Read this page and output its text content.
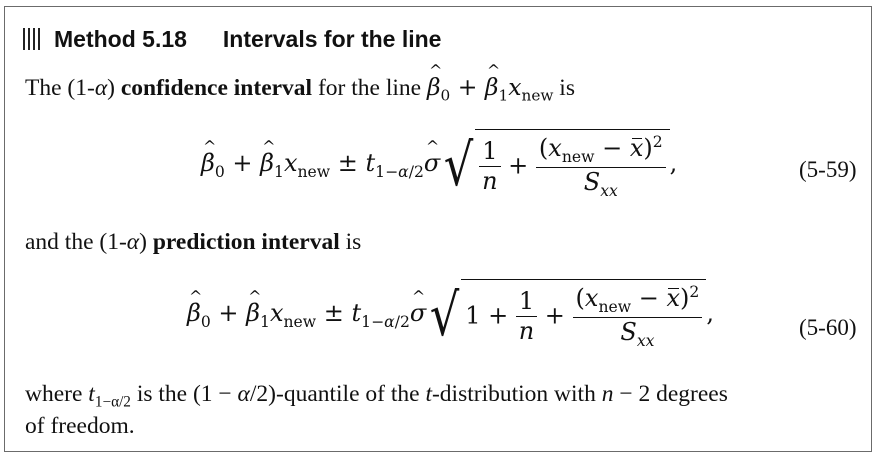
Method 5.18 Intervals for the line
The (1-α) confidence interval for the line ^ $\beta_0$ + ^ $\beta_1x_{new}$ is
^ $\beta_0$ + ^ $\beta_1x_{new}$ ± $t_{1-\alpha/2}\^{}$ $\sigma√ \frac{1}{n} + \frac{(x_{new} - x)^2}{S_{xx}}$ ,	(5-59)
and the (1-α) prediction interval is
^ $\beta_0$ + ^ $\beta_1x_{new}$ ± $t_{1-\alpha/2}\^{}$ σ√ $1 + \frac{1}{n} + \frac{(x_{new} - x)^2}{S_{xx}}$ ,
(5-60)
where $t_{1-\alpha/2}$ is the (1 − α/2)-quantile of the t-distribution with n − 2 degrees
of freedom.
